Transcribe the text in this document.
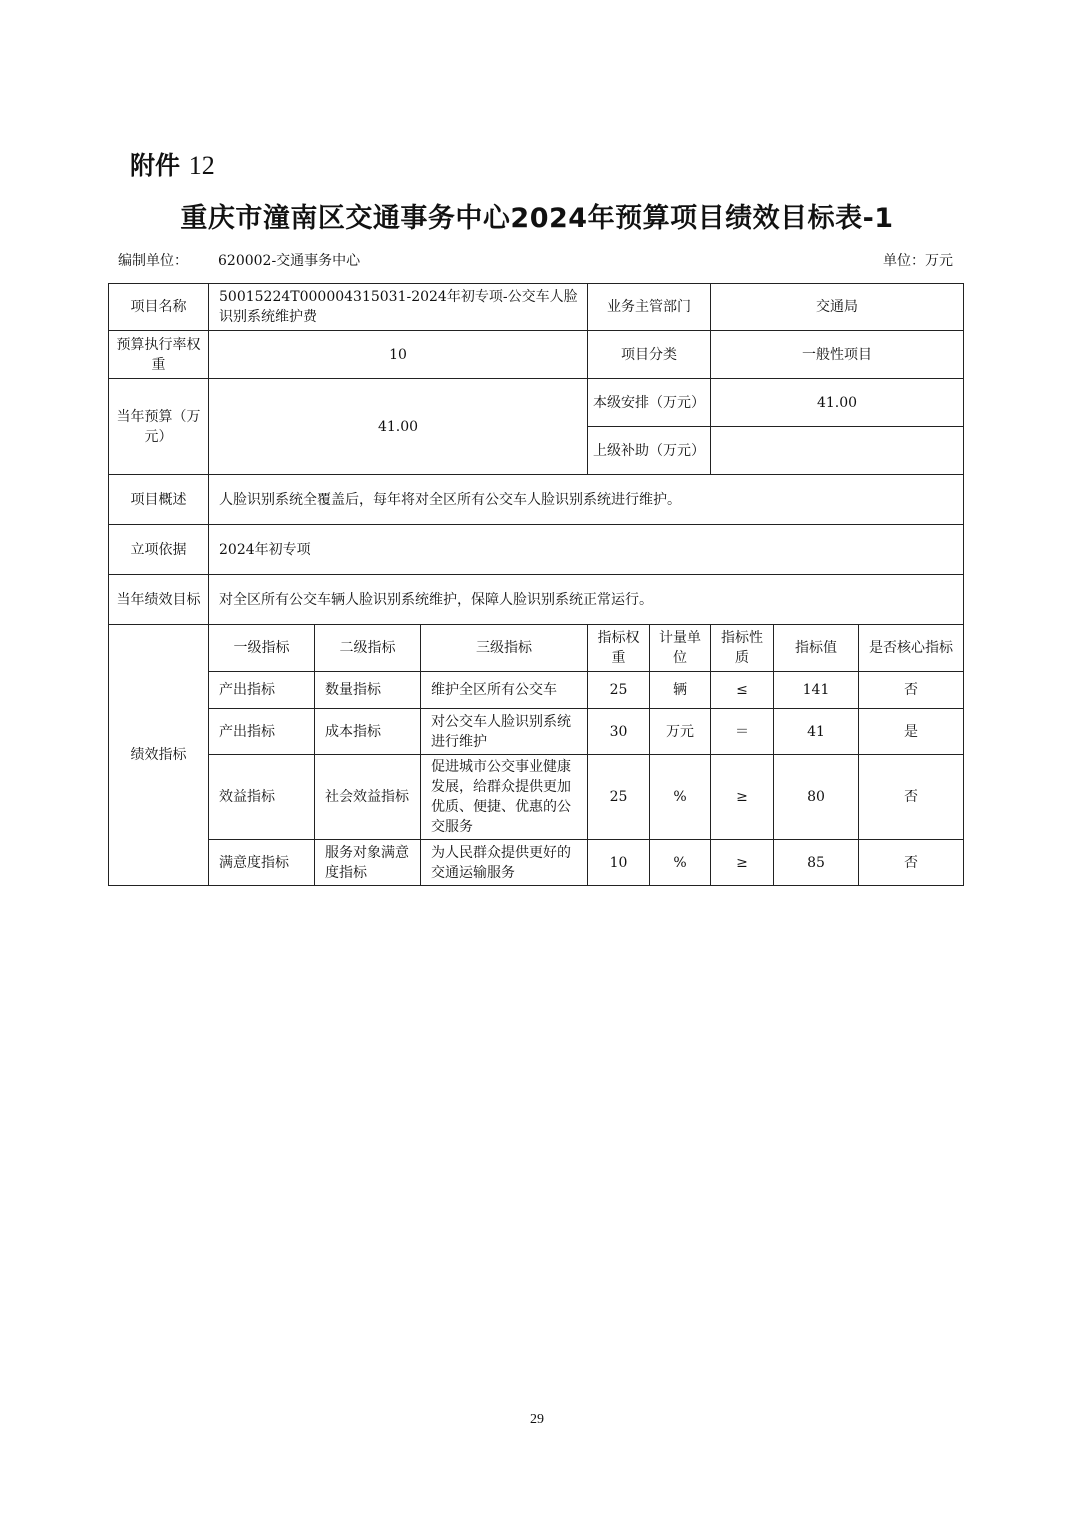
附件 12
重庆市潼南区交通事务中心2024年预算项目绩效目标表-1
编制单位： 620002-交通事务中心	单位：万元
项目名称	50015224T000004315031-2024年初专项-公交车人脸识别系统维护费			业务主管部门		交通局		
预算执行率权重	10			项目分类		一般性项目		
当年预算（万元）	41.00			本级安排（万元）		41.00		
				上级补助（万元）				
项目概述	人脸识别系统全覆盖后，每年将对全区所有公交车人脸识别系统进行维护。							
立项依据	2024年初专项							
当年绩效目标	对全区所有公交车辆人脸识别系统维护，保障人脸识别系统正常运行。							
绩效指标	一级指标	二级指标	三级指标	指标权重	计量单位	指标性质	指标值	是否核心指标
	产出指标	数量指标	维护全区所有公交车	25	辆	≤	141	否
	产出指标	成本指标	对公交车人脸识别系统进行维护	30	万元	＝	41	是
	效益指标	社会效益指标	促进城市公交事业健康发展，给群众提供更加优质、便捷、优惠的公交服务	25	%	≥	80	否
	满意度指标	服务对象满意度指标	为人民群众提供更好的交通运输服务	10	%	≥	85	否
29
